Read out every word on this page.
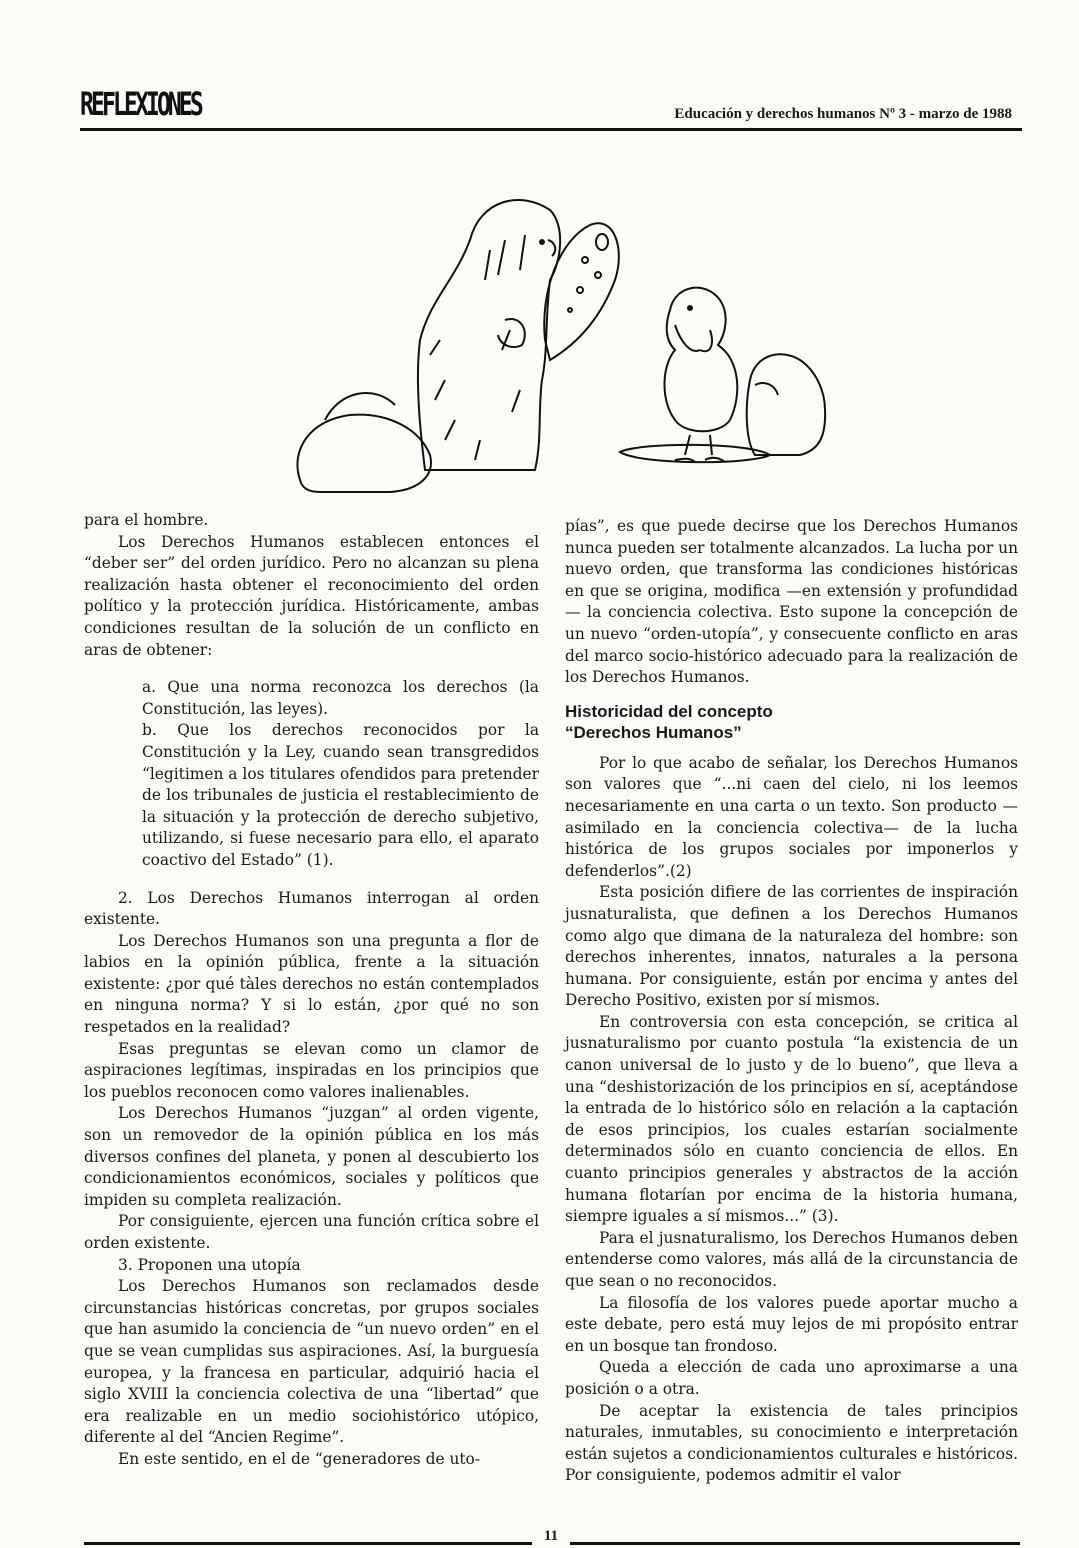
REFLEXIONES	Educación y derechos humanos Nº 3 - marzo de 1988

para el hombre.

Los Derechos Humanos establecen entonces el “deber ser” del orden jurídico. Pero no alcanzan su plena realización hasta obtener el reconocimiento del orden político y la protección jurídica. Históricamente, ambas condiciones resultan de la solución de un conflicto en aras de obtener:

a. Que una norma reconozca los derechos (la Constitución, las leyes).

b. Que los derechos reconocidos por la Constitución y la Ley, cuando sean transgredidos “legitimen a los titulares ofendidos para pretender de los tribunales de justicia el restablecimiento de la situación y la protección de derecho subjetivo, utilizando, si fuese necesario para ello, el aparato coactivo del Estado” (1).

2. Los Derechos Humanos interrogan al orden existente.

Los Derechos Humanos son una pregunta a flor de labios en la opinión pública, frente a la situación existente: ¿por qué tàles derechos no están contemplados en ninguna norma? Y si lo están, ¿por qué no son respetados en la realidad?

Esas preguntas se elevan como un clamor de aspiraciones legítimas, inspiradas en los principios que los pueblos reconocen como valores inalienables.

Los Derechos Humanos “juzgan” al orden vigente, son un removedor de la opinión pública en los más diversos confines del planeta, y ponen al descubierto los condicionamientos económicos, sociales y políticos que impiden su completa realización.

Por consiguiente, ejercen una función crítica sobre el orden existente.

3. Proponen una utopía

Los Derechos Humanos son reclamados desde circunstancias históricas concretas, por grupos sociales que han asumido la conciencia de “un nuevo orden” en el que se vean cumplidas sus aspiraciones. Así, la burguesía europea, y la francesa en particular, adquirió hacia el siglo XVIII la conciencia colectiva de una “libertad” que era realizable en un medio sociohistórico utópico, diferente al del “Ancien Regime”.

En este sentido, en el de “generadores de uto-

pías”, es que puede decirse que los Derechos Humanos nunca pueden ser totalmente alcanzados. La lucha por un nuevo orden, que transforma las condiciones históricas en que se origina, modifica —en extensión y profundidad— la conciencia colectiva. Esto supone la concepción de un nuevo “orden-utopía”, y consecuente conflicto en aras del marco socio-histórico adecuado para la realización de los Derechos Humanos.

Historicidad del concepto
“Derechos Humanos”

Por lo que acabo de señalar, los Derechos Humanos son valores que “...ni caen del cielo, ni los leemos necesariamente en una carta o un texto. Son producto —asimilado en la conciencia colectiva— de la lucha histórica de los grupos sociales por imponerlos y defenderlos”.(2)

Esta posición difiere de las corrientes de inspiración jusnaturalista, que definen a los Derechos Humanos como algo que dimana de la naturaleza del hombre: son derechos inherentes, innatos, naturales a la persona humana. Por consiguiente, están por encima y antes del Derecho Positivo, existen por sí mismos.

En controversia con esta concepción, se critica al jusnaturalismo por cuanto postula “la existencia de un canon universal de lo justo y de lo bueno”, que lleva a una “deshistorización de los principios en sí, aceptándose la entrada de lo histórico sólo en relación a la captación de esos principios, los cuales estarían socialmente determinados sólo en cuanto conciencia de ellos. En cuanto principios generales y abstractos de la acción humana flotarían por encima de la historia humana, siempre iguales a sí mismos...” (3).

Para el jusnaturalismo, los Derechos Humanos deben entenderse como valores, más allá de la circunstancia de que sean o no reconocidos.

La filosofía de los valores puede aportar mucho a este debate, pero está muy lejos de mi propósito entrar en un bosque tan frondoso.

Queda a elección de cada uno aproximarse a una posición o a otra.

De aceptar la existencia de tales principios naturales, inmutables, su conocimiento e interpretación están sujetos a condicionamientos culturales e históricos. Por consiguiente, podemos admitir el valor

11
